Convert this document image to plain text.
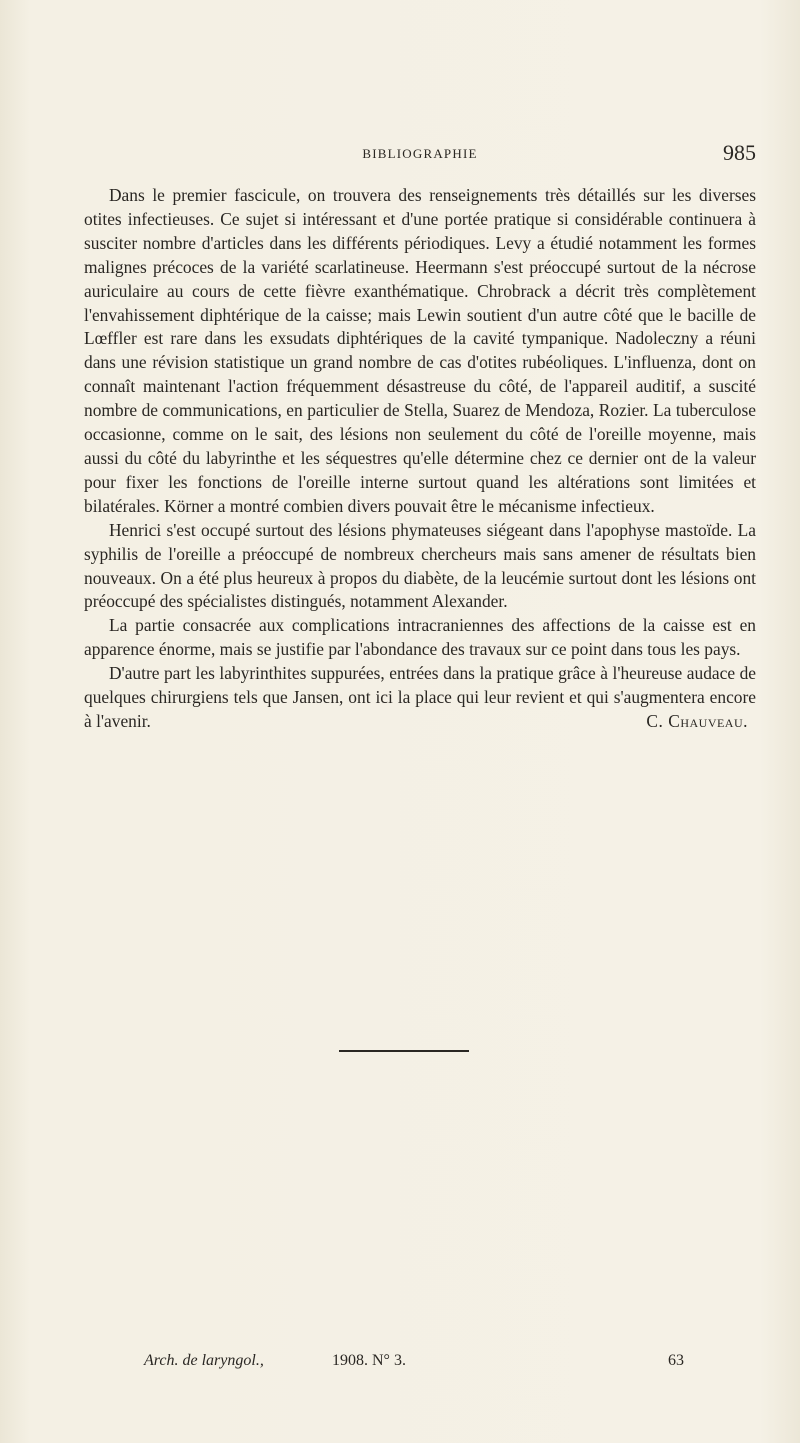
BIBLIOGRAPHIE	985

Dans le premier fascicule, on trouvera des renseignements très détaillés sur les diverses otites infectieuses. Ce sujet si intéressant et d'une portée pratique si considérable continuera à susciter nombre d'articles dans les différents périodiques. Levy a étudié notamment les formes malignes précoces de la variété scarlatineuse. Heermann s'est préoccupé surtout de la nécrose auriculaire au cours de cette fièvre exanthématique. Chrobrack a décrit très complètement l'envahissement diphtérique de la caisse; mais Lewin soutient d'un autre côté que le bacille de Lœffler est rare dans les exsudats diphtériques de la cavité tympanique. Nadoleczny a réuni dans une révision statistique un grand nombre de cas d'otites rubéoliques. L'influenza, dont on connaît maintenant l'action fréquemment désastreuse du côté, de l'appareil auditif, a suscité nombre de communications, en particulier de Stella, Suarez de Mendoza, Rozier. La tuberculose occasionne, comme on le sait, des lésions non seulement du côté de l'oreille moyenne, mais aussi du côté du labyrinthe et les séquestres qu'elle détermine chez ce dernier ont de la valeur pour fixer les fonctions de l'oreille interne surtout quand les altérations sont limitées et bilatérales. Körner a montré combien divers pouvait être le mécanisme infectieux.

Henrici s'est occupé surtout des lésions phymateuses siégeant dans l'apophyse mastoïde. La syphilis de l'oreille a préoccupé de nombreux chercheurs mais sans amener de résultats bien nouveaux. On a été plus heureux à propos du diabète, de la leucémie surtout dont les lésions ont préoccupé des spécialistes distingués, notamment Alexander.

La partie consacrée aux complications intracraniennes des affections de la caisse est en apparence énorme, mais se justifie par l'abondance des travaux sur ce point dans tous les pays.

D'autre part les labyrinthites suppurées, entrées dans la pratique grâce à l'heureuse audace de quelques chirurgiens tels que Jansen, ont ici la place qui leur revient et qui s'augmentera encore à l'avenir.	C. Chauveau.

Arch. de laryngol.,	1908. N° 3.	63
